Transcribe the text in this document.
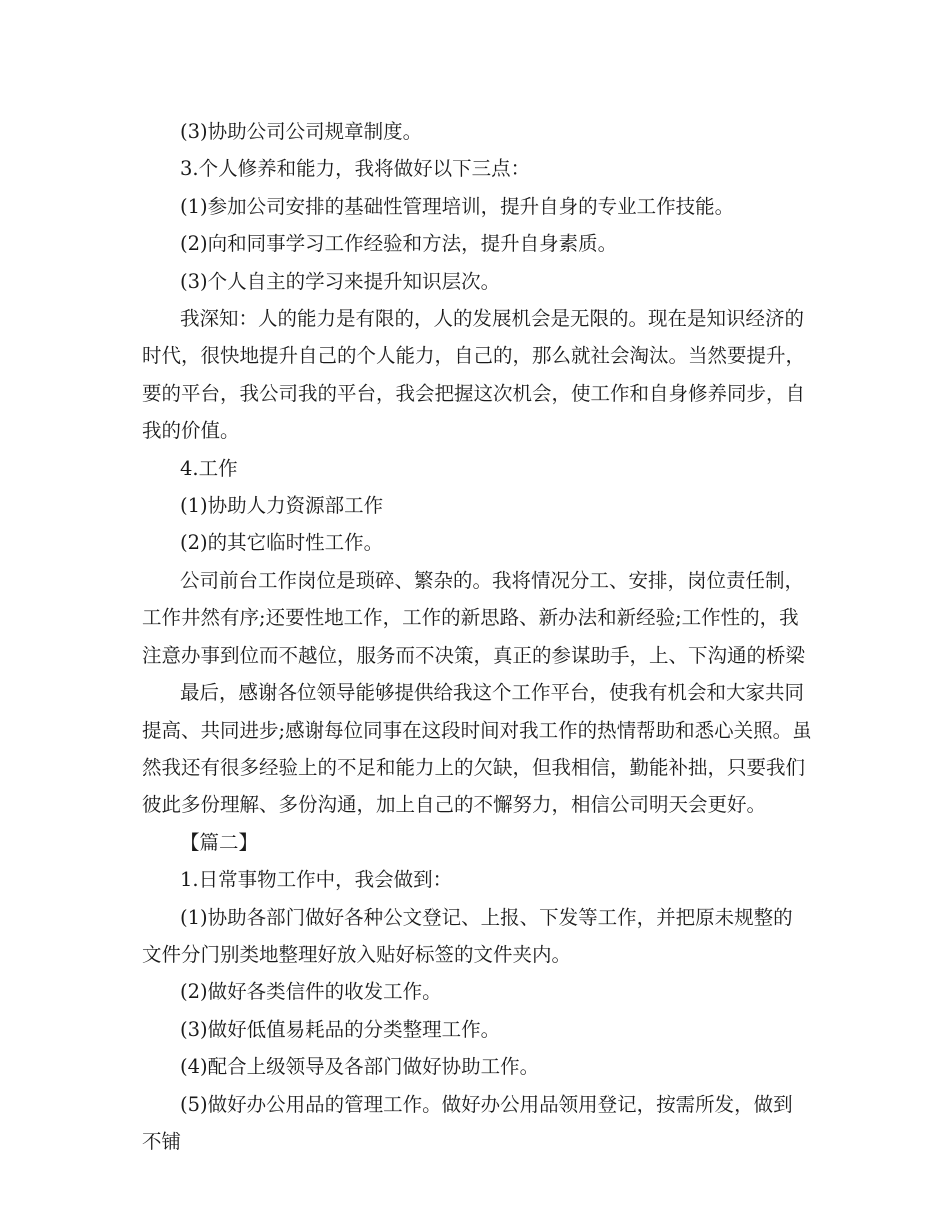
(3)协助公司公司规章制度。

3.个人修养和能力，我将做好以下三点：

(1)参加公司安排的基础性管理培训，提升自身的专业工作技能。

(2)向和同事学习工作经验和方法，提升自身素质。

(3)个人自主的学习来提升知识层次。

我深知：人的能力是有限的，人的发展机会是无限的。现在是知识经济的时代，很快地提升自己的个人能力，自己的，那么就社会淘汰。当然要提升，要的平台，我公司我的平台，我会把握这次机会，使工作和自身修养同步，自我的价值。

4.工作

(1)协助人力资源部工作

(2)的其它临时性工作。

公司前台工作岗位是琐碎、繁杂的。我将情况分工、安排，岗位责任制，工作井然有序;还要性地工作，工作的新思路、新办法和新经验;工作性的，我注意办事到位而不越位，服务而不决策，真正的参谋助手，上、下沟通的桥梁

最后，感谢各位领导能够提供给我这个工作平台，使我有机会和大家共同提高、共同进步;感谢每位同事在这段时间对我工作的热情帮助和悉心关照。虽然我还有很多经验上的不足和能力上的欠缺，但我相信，勤能补拙，只要我们彼此多份理解、多份沟通，加上自己的不懈努力，相信公司明天会更好。

【篇二】

1.日常事物工作中，我会做到：

(1)协助各部门做好各种公文登记、上报、下发等工作，并把原未规整的文件分门别类地整理好放入贴好标签的文件夹内。

(2)做好各类信件的收发工作。

(3)做好低值易耗品的分类整理工作。

(4)配合上级领导及各部门做好协助工作。

(5)做好办公用品的管理工作。做好办公用品领用登记，按需所发，做到不铺
